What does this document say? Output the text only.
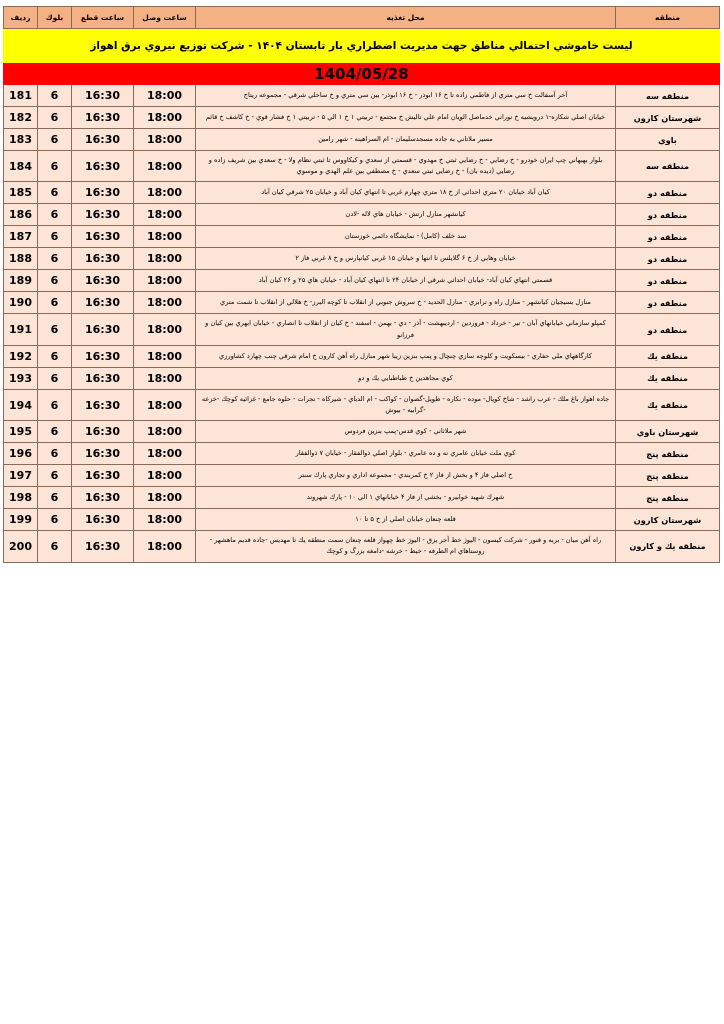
ليست خاموشي احتمالي مناطق جهت مديريت اضطراري بار تابستان ۱۴۰۴ - شركت توزيع نيروي برق اهواز					
1404/05/28					
منطقه	محل تغذيه	ساعت وصل	ساعت قطع	بلوك	رديف
منطقه سه	آخر آسفالت خ سي متري از فاطمي زاده تا خ ۱۶ ابوذر - خ ۱۶ ابوذر- بين سي متري و خ ساحلي شرقي - مجموعه ريتاج	18:00	16:30	6	181
شهرستان كارون	خيابان اصلي شكاره-۱ درويشيه خ نوراني خدماصل الويان امام علي تاليش خ مجتمع - تربيتي ۱ خ ۱ الي ۵ - تربيتي ۱ خ فشار قوي - خ كاشف خ قائم	18:00	16:30	6	182
باوي	مسير ملاتاني به جاده مسجدسليمان - ام السراهينه - شهر رامين	18:00	16:30	6	183
منطقه سه	بلوار بهبهاني چپ ايران خودرو - خ رضايي - خ رضايي ثبتي خ مهدوي - قسمتي از سعدي و كيكاووس تا ثبتي نظام ولا - خ سعدي بين شريف زاده و رضايي (ديده بان) - خ رضايي ثبتي سعدي - خ مصطفي بين علم الهدي و موسوي	18:00	16:30	6	184
منطقه دو	كيان آباد خيابان ۲۰ متري احداثي از خ ۱۸ متري چهارم غربي تا انتهاي كيان آباد و خيابان ۲۵ شرقي كيان آباد	18:00	16:30	6	185
منطقه دو	كيانشهر منازل ارتش - خيابان هاي لاله -لادن	18:00	16:30	6	186
منطقه دو	سد خلف (كامل) - نمايشگاه دائمي خوزستان	18:00	16:30	6	187
منطقه دو	خيابان وهابي از خ ۶ گلايلس تا انتها و خيابان ۱۵ غربي كيانپارس و خ ۸ غربي فاز ۲	18:00	16:30	6	188
منطقه دو	قسمتي انتهاي كيان آباد- خيابان احداثي شرقي از خيابان ۲۴ تا انتهاي كيان آباد - خيابان هاي ۲۵ و ۲۶ كيان آباد	18:00	16:30	6	189
منطقه دو	منازل بسيجيان كيانشهر - منازل راه و ترابري - منازل الحديد - خ سروش جنوبي از انقلاب تا كوچه البرز- خ هلالي از انقلاب تا شمت متري	18:00	16:30	6	190
منطقه دو	كمپلو سازماني خيابانهاي آبان - تير - خرداد - فروردين - ارديبهشت - آذر - دي - بهمن - اسفند - خ كيان از انقلاب تا انصاري - خيابان ابهري بين كيان و فرزانو	18:00	16:30	6	191
منطقه يك	كارگاههاي ملي حفاري - بيسكويت و كلوچه سازي چنچال و پمپ بنزين زيبا شهر منازل راه آهن كارون خ امام شرقي چنب چهارد كشاورزي	18:00	16:30	6	192
منطقه يك	كوي مجاهدين خ طباطبايي يك و دو	18:00	16:30	6	193
منطقه يك	جاده اهواز باغ ملك - عرب راشد - شاخ كويال- موده - نكاره - طويل-گصوان - كواكب - ام الدباي - شيركاه - نجرات - حلوه جامع - غزائيه كوچك -خزعه -گرابيه - بيوش	18:00	16:30	6	194
شهرستان باوي	شهر ملاثاني - كوي قدس-پمپ بنزين فردوس	18:00	16:30	6	195
منطقه پنج	كوي ملت خيابان عامري نه و ده عامري - بلوار اصلي ذوالفقار - خيابان ۷ ذوالفقار	18:00	16:30	6	196
منطقه پنج	خ اصلي فاز ۴ و بخش از فاز ۲ خ كمربندي - مجموعه اداري و تجاري پارك سنتر	18:00	16:30	6	197
منطقه پنج	شهرك شهيد خوابيرو - بخشي از فاز ۴ خيابانهاي ۱ الي ۱۰ - پارك شهروند	18:00	16:30	6	198
شهرستان كارون	قلعه چنعان خيابان اصلي از خ ۵ تا ۱۰	18:00	16:30	6	199
منطقه يك و كارون	راه آهن ميان - بربه و قنور - شركت كيسون - اليوژ خط آجر يزق - اليوژ خط چهواز قلعه چنعان سمت منطقه يك تا مهديس -جاده قديم ماهشهر - روستاهاي ام الطرفه - خيط - خرشه -دامغه بزرگ و كوچك	18:00	16:30	6	200
